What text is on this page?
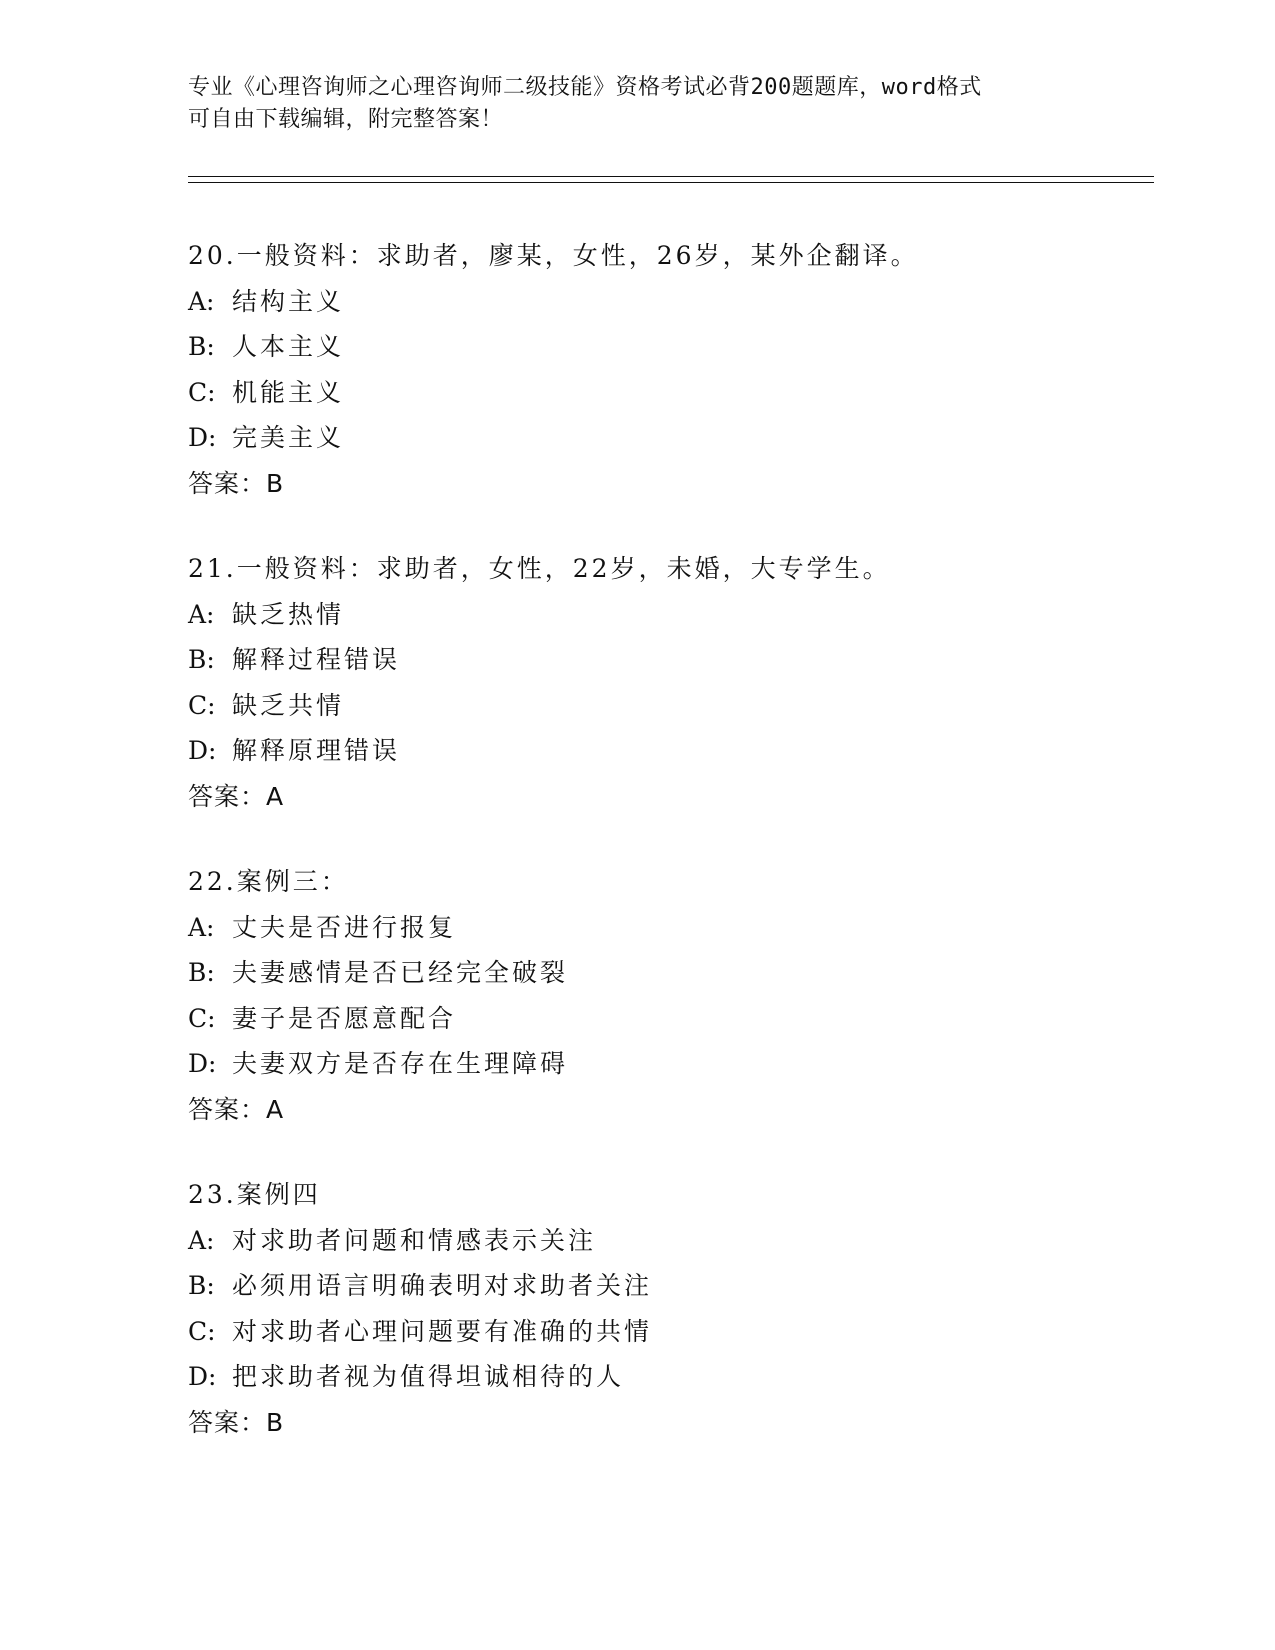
专业《心理咨询师之心理咨询师二级技能》资格考试必背200题题库，word格式
可自由下载编辑，附完整答案！
20.一般资料：求助者，廖某，女性，26岁，某外企翻译。
A: 结构主义
B: 人本主义
C: 机能主义
D: 完美主义
答案：B
21.一般资料：求助者，女性，22岁，未婚，大专学生。
A: 缺乏热情
B: 解释过程错误
C: 缺乏共情
D: 解释原理错误
答案：A
22.案例三：
A: 丈夫是否进行报复
B: 夫妻感情是否已经完全破裂
C: 妻子是否愿意配合
D: 夫妻双方是否存在生理障碍
答案：A
23.案例四
A: 对求助者问题和情感表示关注
B: 必须用语言明确表明对求助者关注
C: 对求助者心理问题要有准确的共情
D: 把求助者视为值得坦诚相待的人
答案：B
